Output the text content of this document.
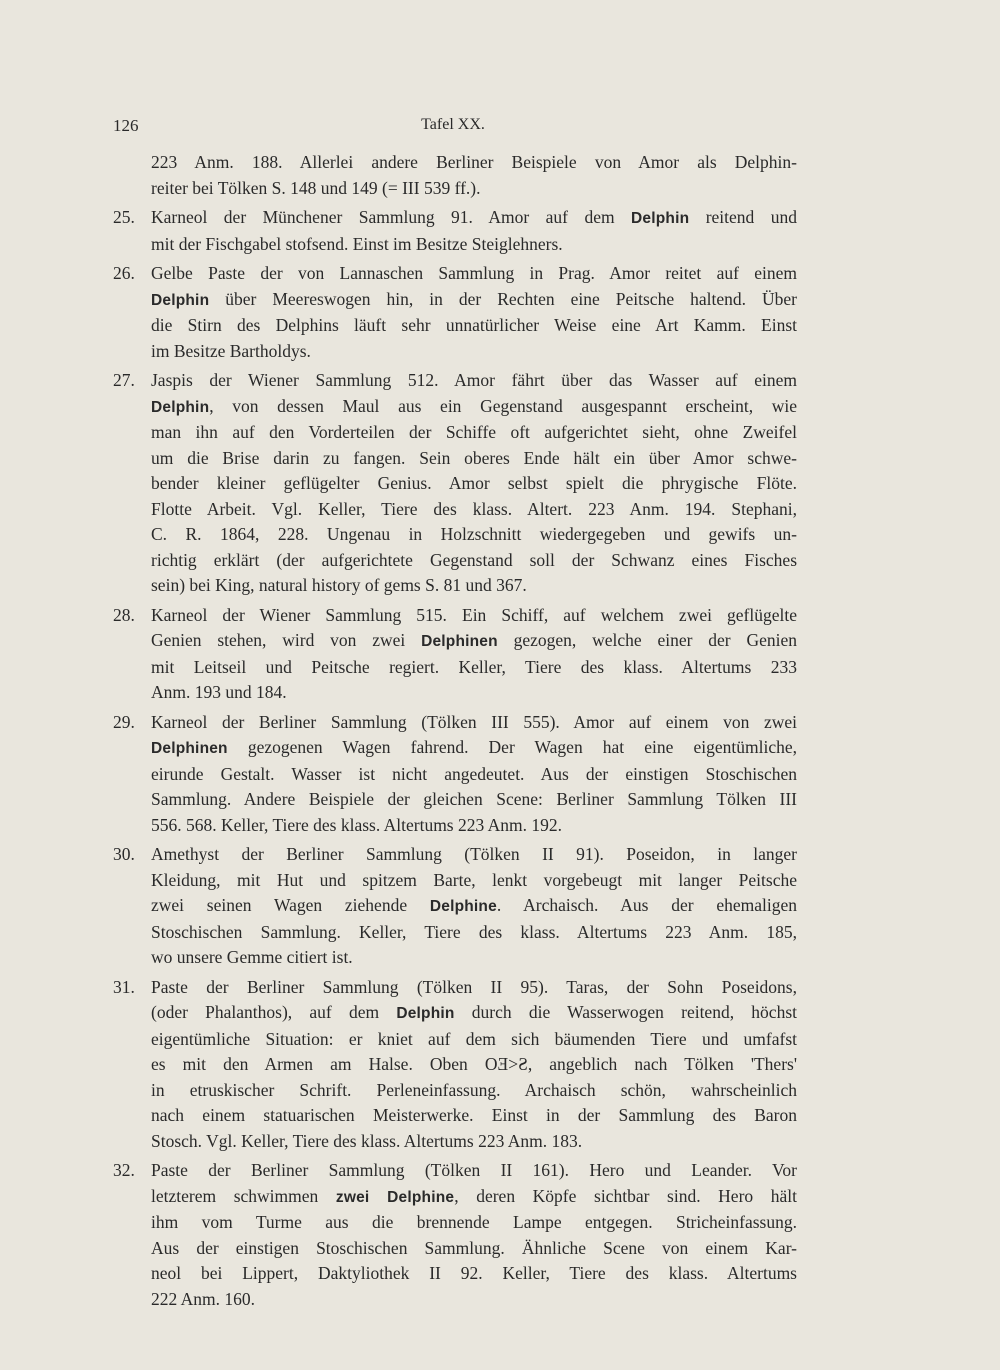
126	Tafel XX.
223 Anm. 188. Allerlei andere Berliner Beispiele von Amor als Delphin-
reiter bei Tölken S. 148 und 149 (= III 539 ff.).
25. Karneol der Münchener Sammlung 91. Amor auf dem Delphin reitend und
mit der Fischgabel stofsend. Einst im Besitze Steiglehners.
26. Gelbe Paste der von Lannaschen Sammlung in Prag. Amor reitet auf einem
Delphin über Meereswogen hin, in der Rechten eine Peitsche haltend. Über
die Stirn des Delphins läuft sehr unnatürlicher Weise eine Art Kamm. Einst
im Besitze Bartholdys.
27. Jaspis der Wiener Sammlung 512. Amor fährt über das Wasser auf einem
Delphin, von dessen Maul aus ein Gegenstand ausgespannt erscheint, wie
man ihn auf den Vorderteilen der Schiffe oft aufgerichtet sieht, ohne Zweifel
um die Brise darin zu fangen. Sein oberes Ende hält ein über Amor schwe-
bender kleiner geflügelter Genius. Amor selbst spielt die phrygische Flöte.
Flotte Arbeit. Vgl. Keller, Tiere des klass. Altert. 223 Anm. 194. Stephani,
C. R. 1864, 228. Ungenau in Holzschnitt wiedergegeben und gewifs un-
richtig erklärt (der aufgerichtete Gegenstand soll der Schwanz eines Fisches
sein) bei King, natural history of gems S. 81 und 367.
28. Karneol der Wiener Sammlung 515. Ein Schiff, auf welchem zwei geflügelte
Genien stehen, wird von zwei Delphinen gezogen, welche einer der Genien
mit Leitseil und Peitsche regiert. Keller, Tiere des klass. Altertums 233
Anm. 193 und 184.
29. Karneol der Berliner Sammlung (Tölken III 555). Amor auf einem von zwei
Delphinen gezogenen Wagen fahrend. Der Wagen hat eine eigentümliche,
eirunde Gestalt. Wasser ist nicht angedeutet. Aus der einstigen Stoschischen
Sammlung. Andere Beispiele der gleichen Scene: Berliner Sammlung Tölken III
556. 568. Keller, Tiere des klass. Altertums 223 Anm. 192.
30. Amethyst der Berliner Sammlung (Tölken II 91). Poseidon, in langer
Kleidung, mit Hut und spitzem Barte, lenkt vorgebeugt mit langer Peitsche
zwei seinen Wagen ziehende Delphine. Archaisch. Aus der ehemaligen
Stoschischen Sammlung. Keller, Tiere des klass. Altertums 223 Anm. 185,
wo unsere Gemme citiert ist.
31. Paste der Berliner Sammlung (Tölken II 95). Taras, der Sohn Poseidons,
(oder Phalanthos), auf dem Delphin durch die Wasserwogen reitend, höchst
eigentümliche Situation: er kniet auf dem sich bäumenden Tiere und umfafst
es mit den Armen am Halse. Oben ОƎ>Ƨ, angeblich nach Tölken 'Thers'
in etruskischer Schrift. Perleneinfassung. Archaisch schön, wahrscheinlich
nach einem statuarischen Meisterwerke. Einst in der Sammlung des Baron
Stosch. Vgl. Keller, Tiere des klass. Altertums 223 Anm. 183.
32. Paste der Berliner Sammlung (Tölken II 161). Hero und Leander. Vor
letzterem schwimmen zwei Delphine, deren Köpfe sichtbar sind. Hero hält
ihm vom Turme aus die brennende Lampe entgegen. Stricheinfassung.
Aus der einstigen Stoschischen Sammlung. Ähnliche Scene von einem Kar-
neol bei Lippert, Daktyliothek II 92. Keller, Tiere des klass. Altertums
222 Anm. 160.
